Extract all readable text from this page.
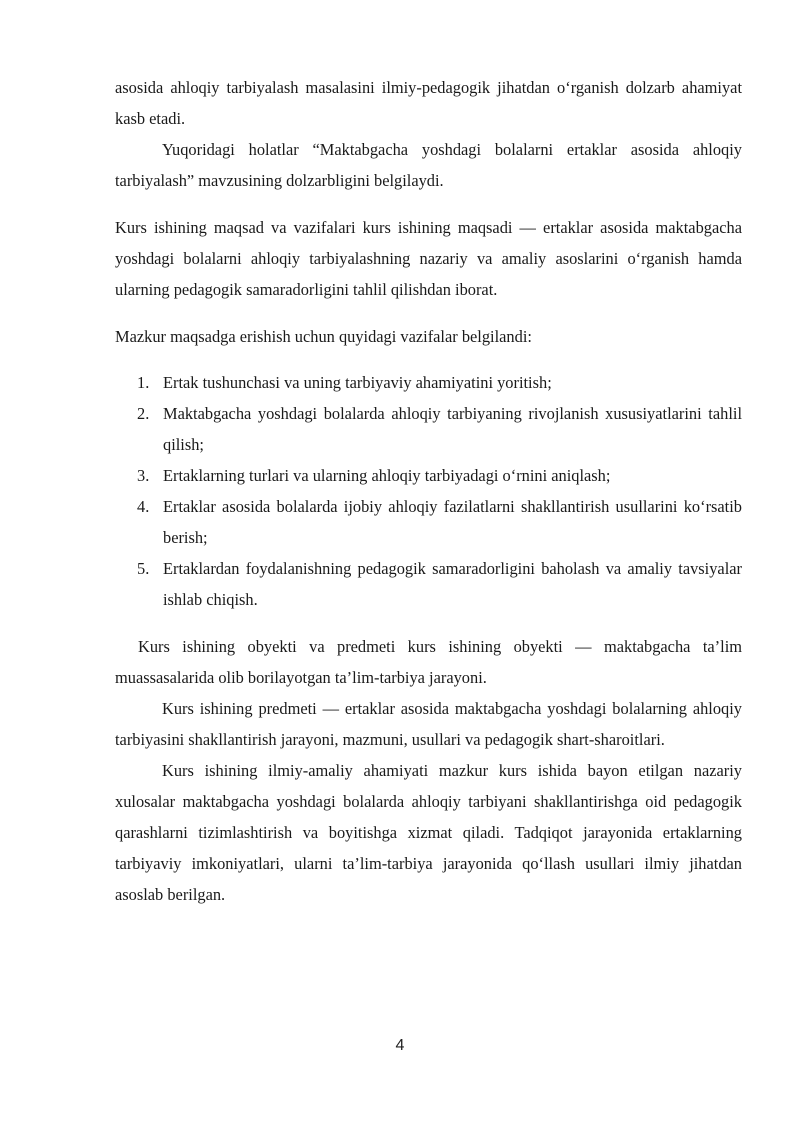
asosida ahloqiy tarbiyalash masalasini ilmiy-pedagogik jihatdan o‘rganish dolzarb ahamiyat kasb etadi.

Yuqoridagi holatlar “Maktabgacha yoshdagi bolalarni ertaklar asosida ahloqiy tarbiyalash” mavzusining dolzarbligini belgilaydi.

Kurs ishining maqsad va vazifalari kurs ishining maqsadi — ertaklar asosida maktabgacha yoshdagi bolalarni ahloqiy tarbiyalashning nazariy va amaliy asoslarini o‘rganish hamda ularning pedagogik samaradorligini tahlil qilishdan iborat.

Mazkur maqsadga erishish uchun quyidagi vazifalar belgilandi:

1. Ertak tushunchasi va uning tarbiyaviy ahamiyatini yoritish;
2. Maktabgacha yoshdagi bolalarda ahloqiy tarbiyaning rivojlanish xususiyatlarini tahlil qilish;
3. Ertaklarning turlari va ularning ahloqiy tarbiyadagi o‘rnini aniqlash;
4. Ertaklar asosida bolalarda ijobiy ahloqiy fazilatlarni shakllantirish usullarini ko‘rsatib berish;
5. Ertaklardan foydalanishning pedagogik samaradorligini baholash va amaliy tavsiyalar ishlab chiqish.

Kurs ishining obyekti va predmeti kurs ishining obyekti — maktabgacha ta’lim muassasalarida olib borilayotgan ta’lim-tarbiya jarayoni.

Kurs ishining predmeti — ertaklar asosida maktabgacha yoshdagi bolalarning ahloqiy tarbiyasini shakllantirish jarayoni, mazmuni, usullari va pedagogik shart-sharoitlari.

Kurs ishining ilmiy-amaliy ahamiyati mazkur kurs ishida bayon etilgan nazariy xulosalar maktabgacha yoshdagi bolalarda ahloqiy tarbiyani shakllantirishga oid pedagogik qarashlarni tizimlashtirish va boyitishga xizmat qiladi. Tadqiqot jarayonida ertaklarning tarbiyaviy imkoniyatlari, ularni ta’lim-tarbiya jarayonida qo‘llash usullari ilmiy jihatdan asoslab berilgan.

4
